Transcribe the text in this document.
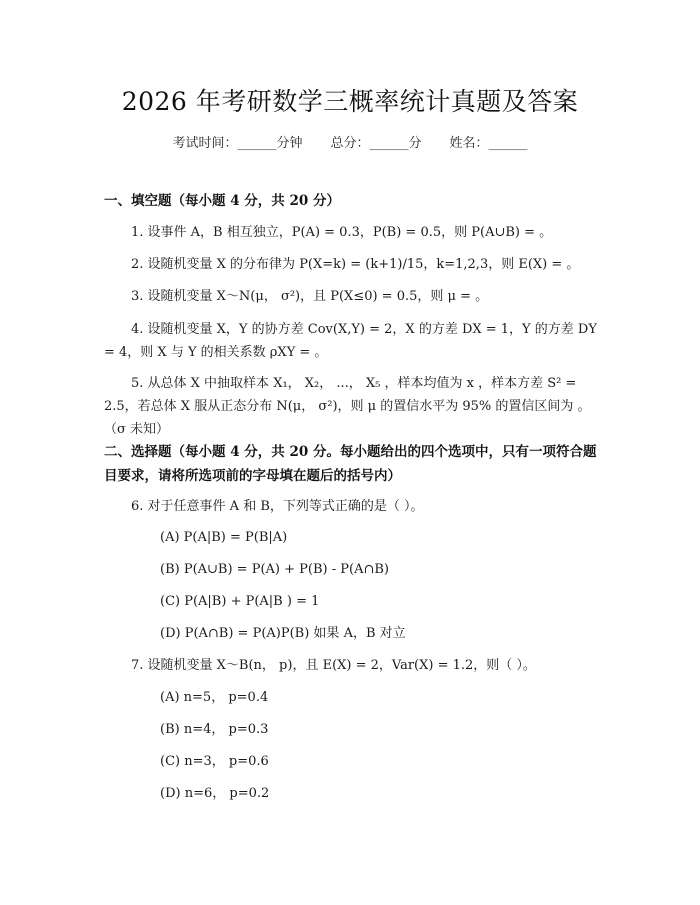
2026 年考研数学三概率统计真题及答案
考试时间：______分钟 总分：______分 姓名：______
一、填空题（每小题 4 分，共 20 分）
1. 设事件 A，B 相互独立，P(A) = 0.3，P(B) = 0.5，则 P(A∪B) = 。
2. 设随机变量 X 的分布律为 P(X=k) = (k+1)/15，k=1,2,3，则 E(X) = 。
3. 设随机变量 X～N(μ， σ²)，且 P(X≤0) = 0.5，则 μ = 。
4. 设随机变量 X，Y 的协方差 Cov(X,Y) = 2，X 的方差 DX = 1，Y 的方差 DY = 4，则 X 与 Y 的相关系数 ρXY = 。
5. 从总体 X 中抽取样本 X₁， X₂， ...， X₅ ，样本均值为 x ，样本方差 S² = 2.5，若总体 X 服从正态分布 N(μ， σ²)，则 μ 的置信水平为 95% 的置信区间为 。（σ 未知）
二、选择题（每小题 4 分，共 20 分。每小题给出的四个选项中，只有一项符合题目要求，请将所选项前的字母填在题后的括号内）
6. 对于任意事件 A 和 B，下列等式正确的是（ ）。
(A) P(A|B) = P(B|A)
(B) P(A∪B) = P(A) + P(B) - P(A∩B)
(C) P(A|B) + P(A|B ) = 1
(D) P(A∩B) = P(A)P(B) 如果 A，B 对立
7. 设随机变量 X～B(n， p)，且 E(X) = 2，Var(X) = 1.2，则（ ）。
(A) n=5， p=0.4
(B) n=4， p=0.3
(C) n=3， p=0.6
(D) n=6， p=0.2
